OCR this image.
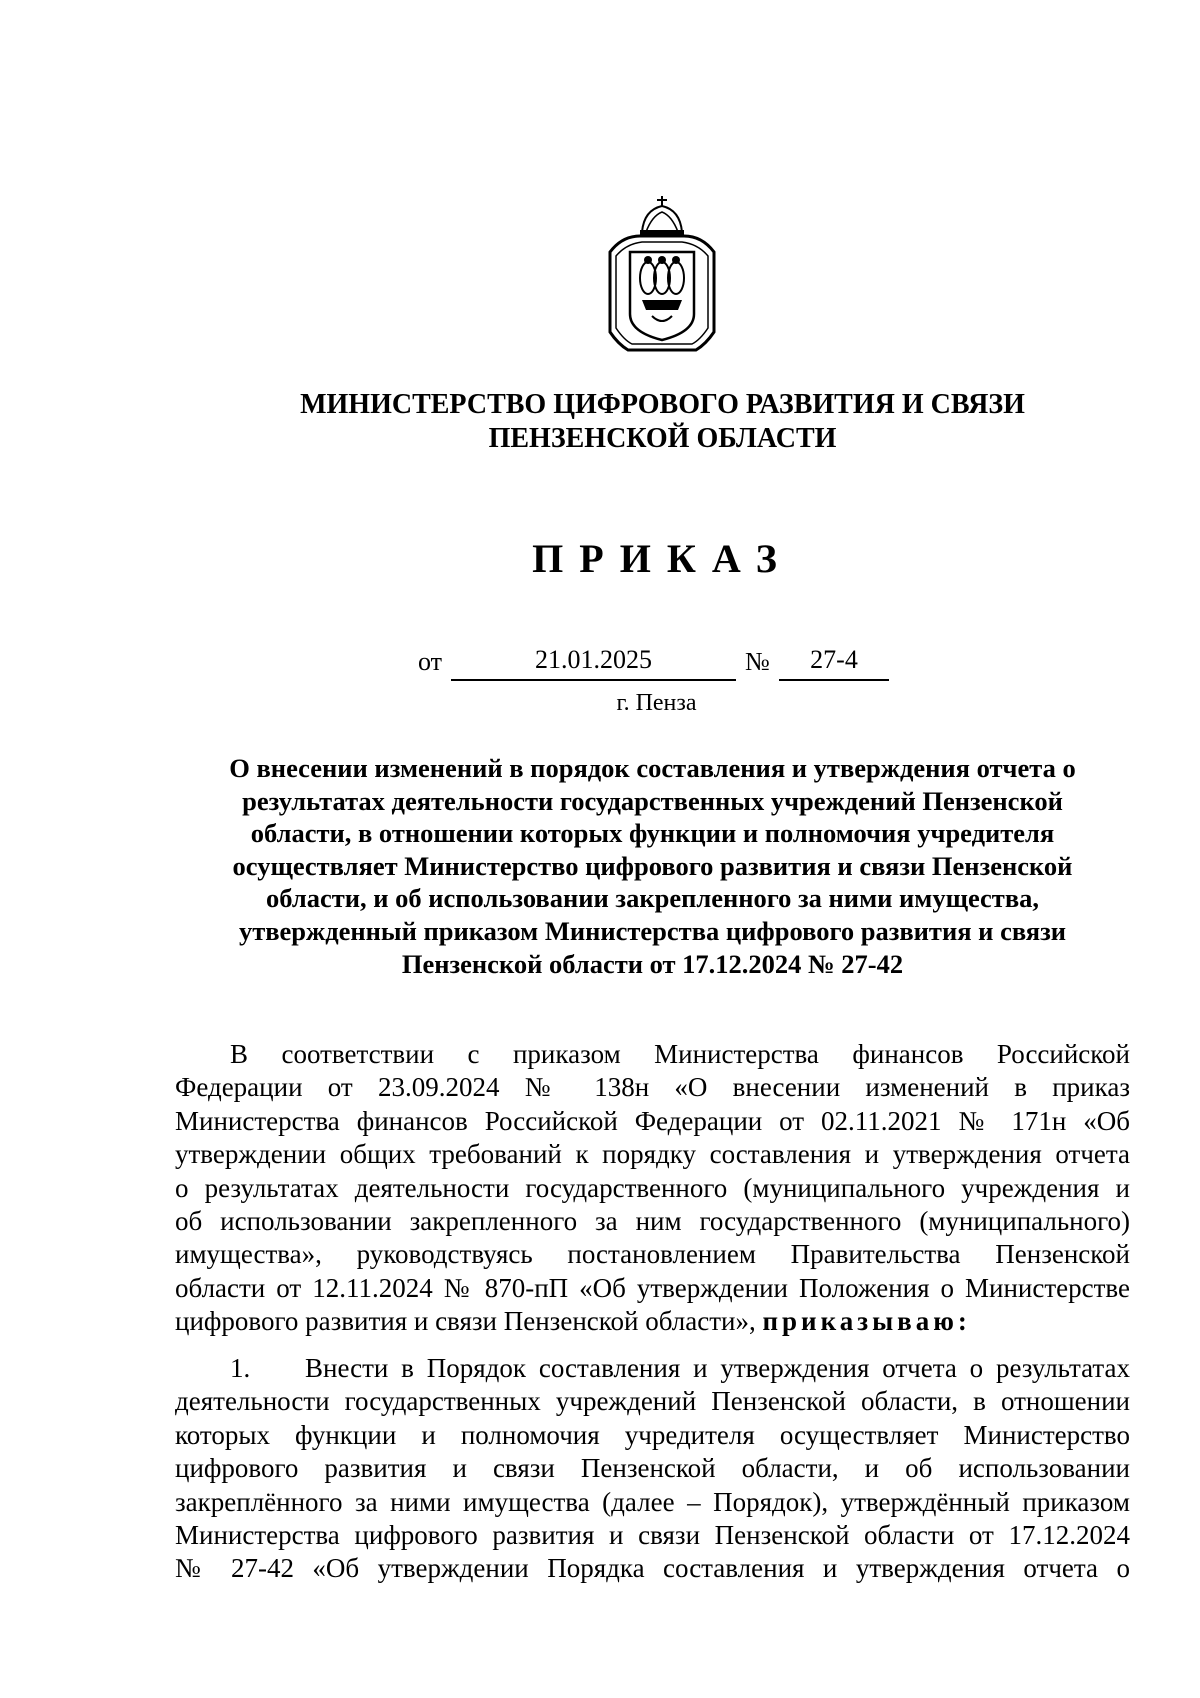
МИНИСТЕРСТВО ЦИФРОВОГО РАЗВИТИЯ И СВЯЗИ
ПЕНЗЕНСКОЙ ОБЛАСТИ
ПРИКАЗ
от	21.01.2025	№	27-4
г. Пенза
О внесении изменений в порядок составления и утверждения отчета о
результатах деятельности государственных учреждений Пензенской
области, в отношении которых функции и полномочия учредителя
осуществляет Министерство цифрового развития и связи Пензенской
области, и об использовании закрепленного за ними имущества,
утвержденный приказом Министерства цифрового развития и связи
Пензенской области от 17.12.2024 № 27-42
В соответствии с приказом Министерства финансов Российской
Федерации от 23.09.2024 № 138н «О внесении изменений в приказ
Министерства финансов Российской Федерации от 02.11.2021 № 171н «Об
утверждении общих требований к порядку составления и утверждения отчета
о результатах деятельности государственного (муниципального учреждения и
об использовании закрепленного за ним государственного (муниципального)
имущества», руководствуясь постановлением Правительства Пензенской
области от 12.11.2024 № 870-пП «Об утверждении Положения о Министерстве
цифрового развития и связи Пензенской области», приказываю:
1. Внести в Порядок составления и утверждения отчета о результатах
деятельности государственных учреждений Пензенской области, в отношении
которых функции и полномочия учредителя осуществляет Министерство
цифрового развития и связи Пензенской области, и об использовании
закреплённого за ними имущества (далее – Порядок), утверждённый приказом
Министерства цифрового развития и связи Пензенской области от 17.12.2024
№ 27-42 «Об утверждении Порядка составления и утверждения отчета о
